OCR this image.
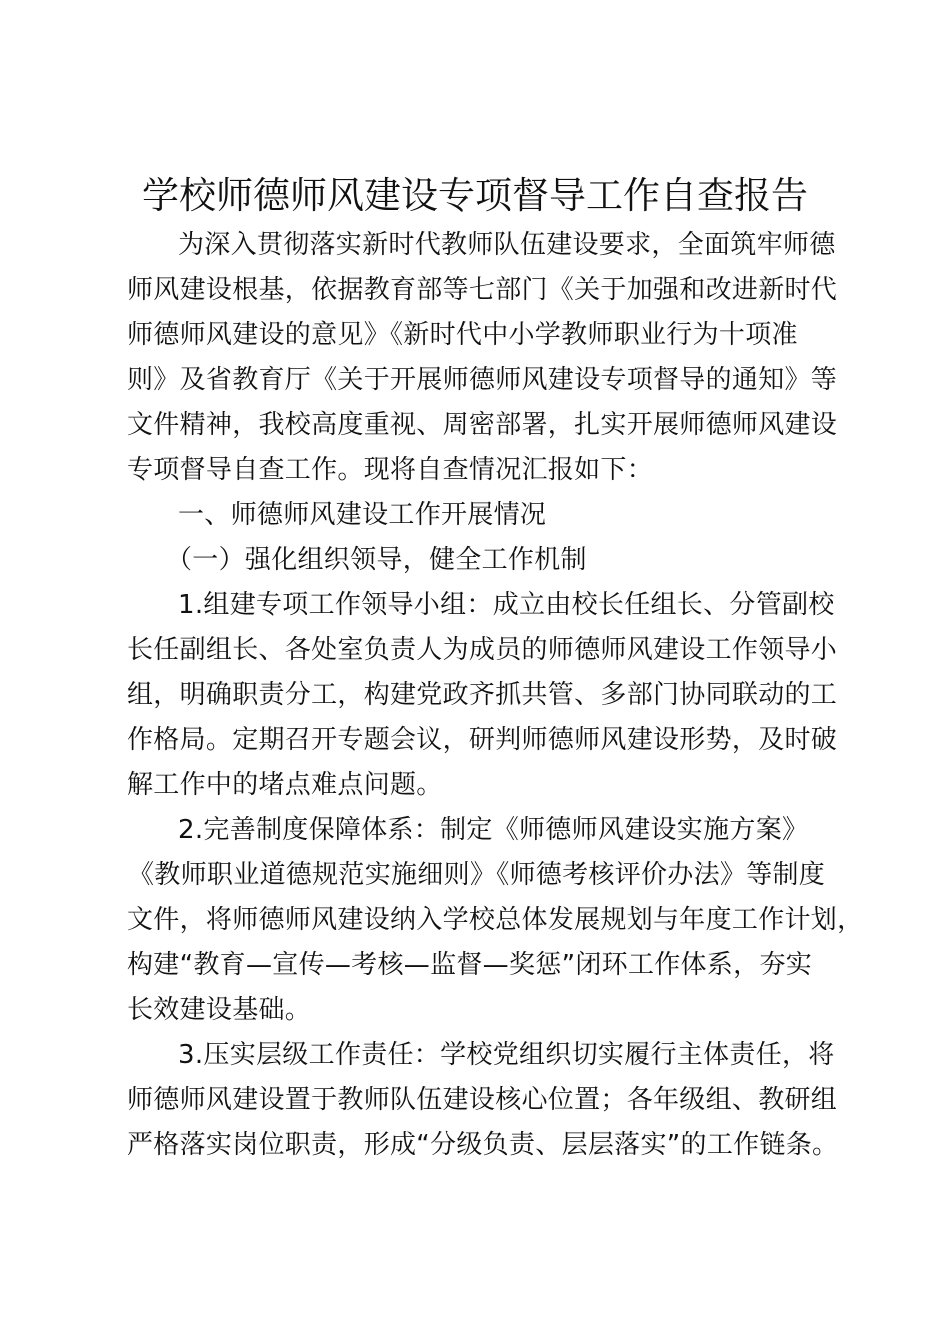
学校师德师风建设专项督导工作自查报告
为深入贯彻落实新时代教师队伍建设要求，全面筑牢师德
师风建设根基，依据教育部等七部门《关于加强和改进新时代
师德师风建设的意见》《新时代中小学教师职业行为十项准
则》及省教育厅《关于开展师德师风建设专项督导的通知》等
文件精神，我校高度重视、周密部署，扎实开展师德师风建设
专项督导自查工作。现将自查情况汇报如下：
一、师德师风建设工作开展情况
（一）强化组织领导，健全工作机制
1.组建专项工作领导小组：成立由校长任组长、分管副校
长任副组长、各处室负责人为成员的师德师风建设工作领导小
组，明确职责分工，构建党政齐抓共管、多部门协同联动的工
作格局。定期召开专题会议，研判师德师风建设形势，及时破
解工作中的堵点难点问题。
2.完善制度保障体系：制定《师德师风建设实施方案》
《教师职业道德规范实施细则》《师德考核评价办法》等制度
文件，将师德师风建设纳入学校总体发展规划与年度工作计划，
构建“教育—宣传—考核—监督—奖惩”闭环工作体系，夯实
长效建设基础。
3.压实层级工作责任：学校党组织切实履行主体责任，将
师德师风建设置于教师队伍建设核心位置；各年级组、教研组
严格落实岗位职责，形成“分级负责、层层落实”的工作链条。
